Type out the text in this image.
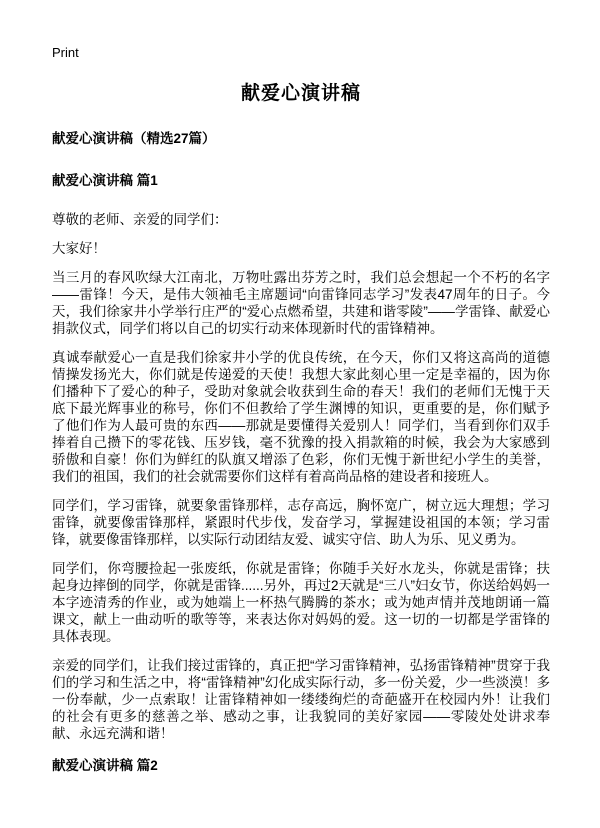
Print
献爱心演讲稿
献爱心演讲稿（精选27篇）
献爱心演讲稿 篇1

尊敬的老师、亲爱的同学们：

大家好！

当三月的春风吹绿大江南北，万物吐露出芬芳之时，我们总会想起一个不朽的名字——雷锋！今天，是伟大领袖毛主席题词“向雷锋同志学习”发表47周年的日子。今天，我们徐家井小学举行庄严的“爱心点燃希望，共建和谐零陵”——学雷锋、献爱心捐款仪式，同学们将以自己的切实行动来体现新时代的雷锋精神。

真诚奉献爱心一直是我们徐家井小学的优良传统，在今天，你们又将这高尚的道德情操发扬光大，你们就是传递爱的天使！我想大家此刻心里一定是幸福的，因为你们播种下了爱心的种子，受助对象就会收获到生命的春天！我们的老师们无愧于天底下最光辉事业的称号，你们不但教给了学生渊博的知识，更重要的是，你们赋予了他们作为人最可贵的东西——那就是要懂得关爱别人！同学们，当看到你们双手捧着自己攒下的零花钱、压岁钱，毫不犹豫的投入捐款箱的时候，我会为大家感到骄傲和自豪！你们为鲜红的队旗又增添了色彩，你们无愧于新世纪小学生的美誉，我们的祖国，我们的社会就需要你们这样有着高尚品格的建设者和接班人。

同学们，学习雷锋，就要象雷锋那样，志存高远，胸怀宽广，树立远大理想；学习雷锋，就要像雷锋那样，紧跟时代步伐，发奋学习，掌握建设祖国的本领；学习雷锋，就要像雷锋那样，以实际行动团结友爱、诚实守信、助人为乐、见义勇为。

同学们，你弯腰捡起一张废纸，你就是雷锋；你随手关好水龙头，你就是雷锋；扶起身边摔倒的同学，你就是雷锋......另外，再过2天就是“三八”妇女节，你送给妈妈一本字迹清秀的作业，或为她端上一杯热气腾腾的茶水；或为她声情并茂地朗诵一篇课文，献上一曲动听的歌等等，来表达你对妈妈的爱。这一切的一切都是学雷锋的具体表现。

亲爱的同学们，让我们接过雷锋的，真正把“学习雷锋精神，弘扬雷锋精神”贯穿于我们的学习和生活之中，将“雷锋精神”幻化成实际行动，多一份关爱，少一些淡漠！多一份奉献，少一点索取！让雷锋精神如一缕缕绚烂的奇葩盛开在校园内外！让我们的社会有更多的慈善之举、感动之事，让我貌同的美好家园——零陵处处讲求奉献、永远充满和谐！

献爱心演讲稿 篇2
